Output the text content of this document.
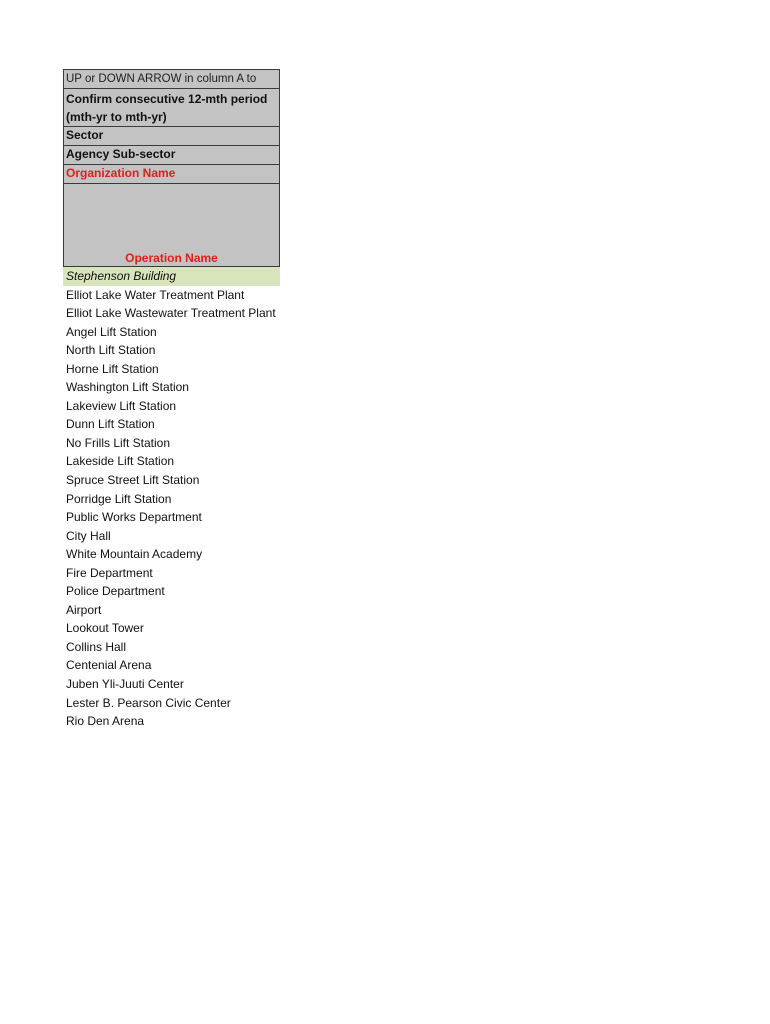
UP or DOWN ARROW in column A to
Confirm consecutive 12-mth period (mth-yr to mth-yr)
Sector
Agency Sub-sector
Organization Name
Operation Name
Stephenson Building
Elliot Lake Water Treatment Plant
Elliot Lake Wastewater Treatment Plant
Angel Lift Station
North Lift Station
Horne Lift Station
Washington Lift Station
Lakeview Lift Station
Dunn Lift Station
No Frills Lift Station
Lakeside Lift Station
Spruce Street Lift Station
Porridge Lift Station
Public Works Department
City Hall
White Mountain Academy
Fire Department
Police Department
Airport
Lookout Tower
Collins Hall
Centenial Arena
Juben Yli-Juuti Center
Lester B. Pearson Civic Center
Rio Den Arena
